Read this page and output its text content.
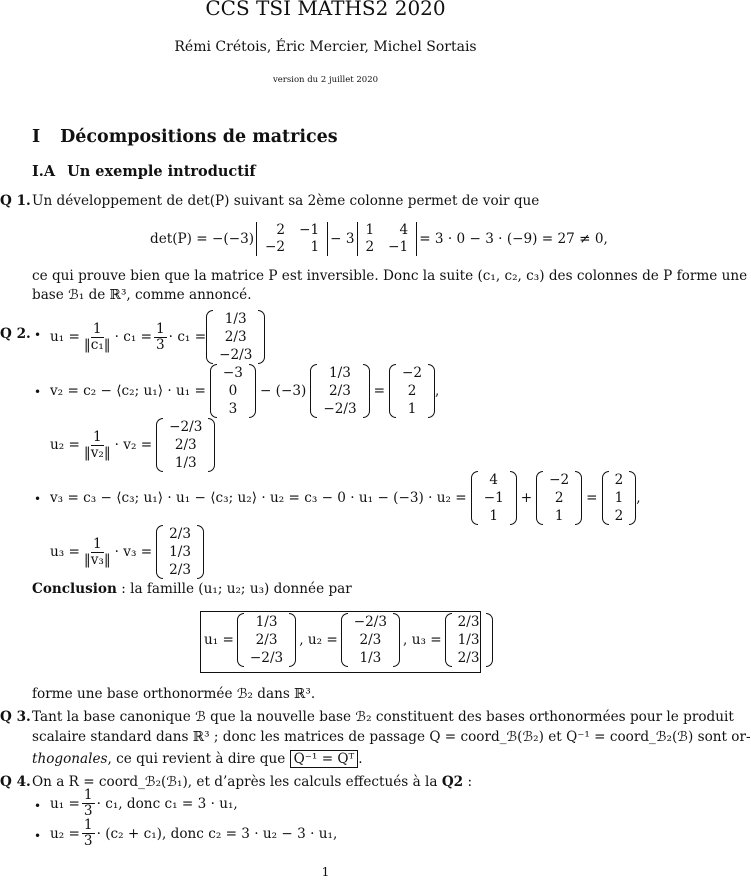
CCS TSI MATHS2 2020
Rémi Crétois, Éric Mercier, Michel Sortais
version du 2 juillet 2020
I Décompositions de matrices
I.A Un exemple introductif
Q 1. Un développement de det(P) suivant sa 2ème colonne permet de voir que
det(P) = −(−3)
2 −1
−2	1 − 3
1	4
2 −1 = 3 · 0 − 3 · (−9) = 27 ≠ 0,
ce qui prouve bien que la matrice P est inversible. Donc la suite (c₁, c₂, c₃) des colonnes de P forme une
base ℬ₁ de ℝ³, comme annoncé.
Q 2. • $u_1 = \frac{1}{\text{‖c₁‖}} \cdot c_1 = \frac{1}{3} \cdot c_1$ =
1/3
2/3
−2/3
• v₂ = c₂ − ⟨c₂; u₁⟩ · u₁ =
−3
0
3
− (−3)
1/3
2/3
−2/3
=
−2
2
1
,
$u_2 = \frac{1}{\text{‖v₂‖}} \cdot v_2$ =
−2/3
2/3
1/3
• v₃ = c₃ − ⟨c₃; u₁⟩ · u₁ − ⟨c₃; u₂⟩ · u₂ = c₃ − 0 · u₁ − (−3) · u₂ =
4
−1
1
+
−2
2
1
=
2
1
2
,
$u_3 = \frac{1}{\text{‖v₃‖}} \cdot v_3$ =
2/3
1/3
2/3
Conclusion : la famille (u₁; u₂; u₃) donnée par
u₁ =
1/3
2/3
−2/3
, u₂ =
−2/3
2/3
1/3
, u₃ =
2/3
1/3
2/3
forme une base orthonormée ℬ₂ dans ℝ³.
Q 3. Tant la base canonique ℬ que la nouvelle base ℬ₂ constituent des bases orthonormées pour le produit
scalaire standard dans ℝ³ ; donc les matrices de passage Q = coord_ℬ(ℬ₂) et Q⁻¹ = coord_ℬ₂(ℬ) sont or-
thogonales, ce qui revient à dire que Q⁻¹ = Qᵀ .
Q 4. On a R = coord_ℬ₂(ℬ₁), et d’après les calculs effectués à la Q2 :
• $u_1 = \frac{1}{3} \cdot c_1$, donc c₁ = 3 · u₁,
• $u_2 = \frac{1}{3} \cdot (c_2 + c_1)$, donc c₂ = 3 · u₂ − 3 · u₁,
1
